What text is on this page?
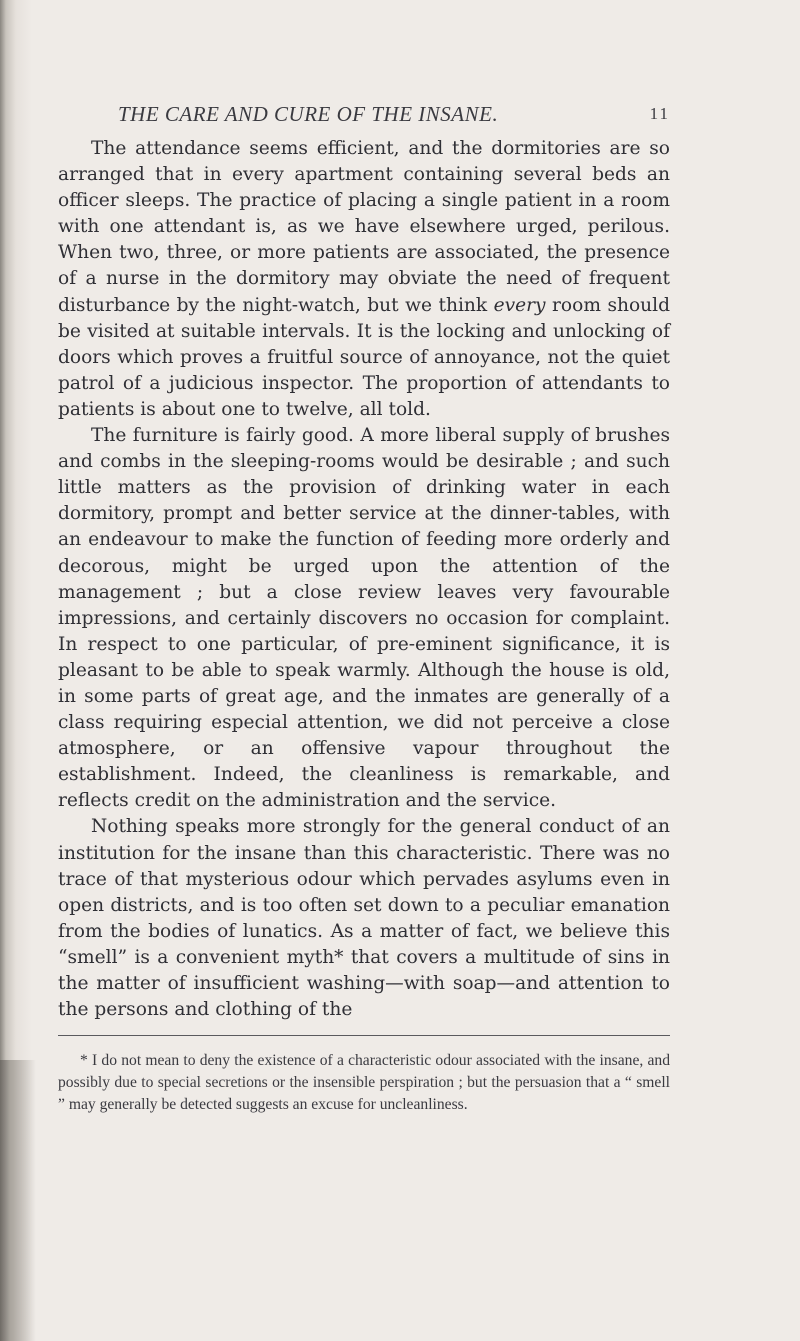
THE CARE AND CURE OF THE INSANE.	11

The attendance seems efficient, and the dormitories are so arranged that in every apartment containing several beds an officer sleeps. The practice of placing a single patient in a room with one attendant is, as we have elsewhere urged, perilous. When two, three, or more patients are associated, the presence of a nurse in the dormitory may obviate the need of frequent disturbance by the night-watch, but we think every room should be visited at suitable intervals. It is the locking and unlocking of doors which proves a fruitful source of annoyance, not the quiet patrol of a judicious inspector. The proportion of attendants to patients is about one to twelve, all told.

The furniture is fairly good. A more liberal supply of brushes and combs in the sleeping-rooms would be desirable ; and such little matters as the provision of drinking water in each dormitory, prompt and better service at the dinner-tables, with an endeavour to make the function of feeding more orderly and decorous, might be urged upon the attention of the management ; but a close review leaves very favourable impressions, and certainly discovers no occasion for complaint. In respect to one particular, of pre-eminent significance, it is pleasant to be able to speak warmly. Although the house is old, in some parts of great age, and the inmates are generally of a class requiring especial attention, we did not perceive a close atmosphere, or an offensive vapour throughout the establishment. Indeed, the cleanliness is remarkable, and reflects credit on the administration and the service.

Nothing speaks more strongly for the general conduct of an institution for the insane than this characteristic. There was no trace of that mysterious odour which pervades asylums even in open districts, and is too often set down to a peculiar emanation from the bodies of lunatics. As a matter of fact, we believe this “smell” is a convenient myth* that covers a multitude of sins in the matter of insufficient washing—with soap—and attention to the persons and clothing of the

* I do not mean to deny the existence of a characteristic odour associated with the insane, and possibly due to special secretions or the insensible perspiration ; but the persuasion that a “ smell ” may generally be detected suggests an excuse for uncleanliness.
